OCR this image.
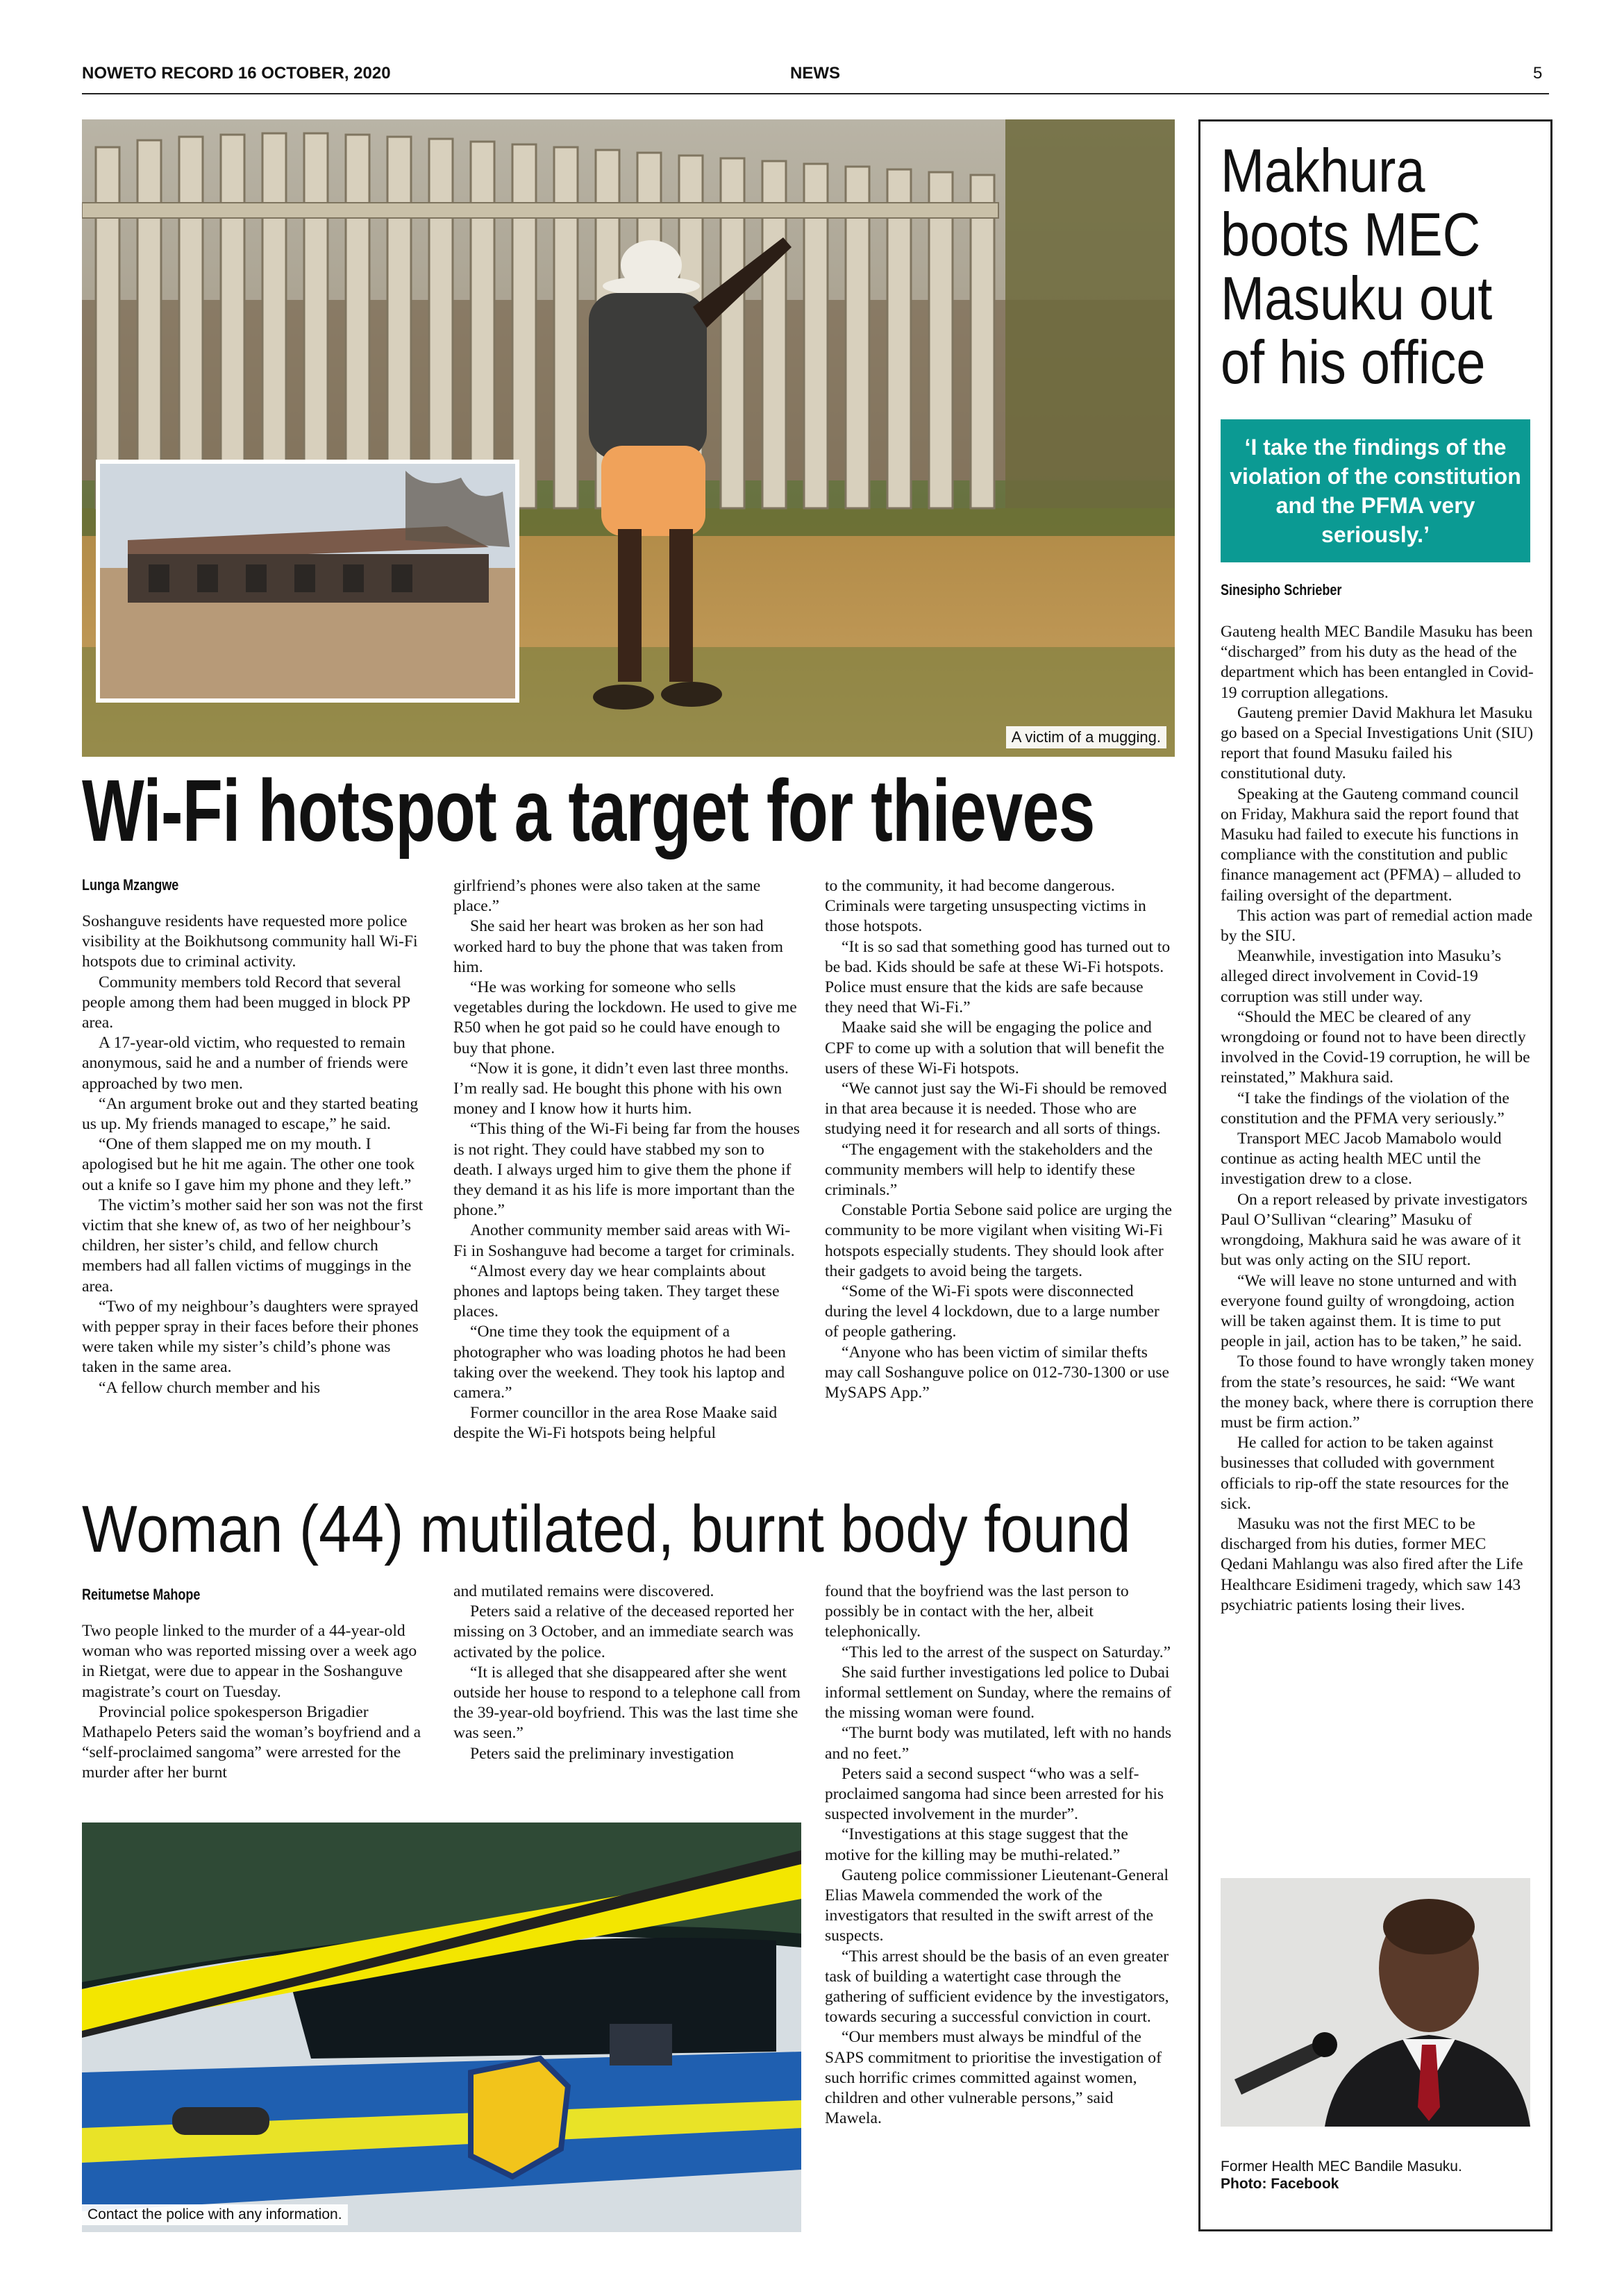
NOWETO RECORD 16 OCTOBER, 2020	NEWS	5
A victim of a mugging.
Wi-Fi hotspot a target for thieves
Lunga Mzangwe

Soshanguve residents have requested more police visibility at the Boikhutsong community hall Wi-Fi hotspots due to criminal activity.

Community members told Record that several people among them had been mugged in block PP area.

A 17-year-old victim, who requested to remain anonymous, said he and a number of friends were approached by two men.

“An argument broke out and they started beating us up. My friends managed to escape,” he said.

“One of them slapped me on my mouth. I apologised but he hit me again. The other one took out a knife so I gave him my phone and they left.”

The victim’s mother said her son was not the first victim that she knew of, as two of her neighbour’s children, her sister’s child, and fellow church members had all fallen victims of muggings in the area.

“Two of my neighbour’s daughters were sprayed with pepper spray in their faces before their phones were taken while my sister’s child’s phone was taken in the same area.

“A fellow church member and his

girlfriend’s phones were also taken at the same place.”

She said her heart was broken as her son had worked hard to buy the phone that was taken from him.

“He was working for someone who sells vegetables during the lockdown. He used to give me R50 when he got paid so he could have enough to buy that phone.

“Now it is gone, it didn’t even last three months. I’m really sad. He bought this phone with his own money and I know how it hurts him.

“This thing of the Wi-Fi being far from the houses is not right. They could have stabbed my son to death. I always urged him to give them the phone if they demand it as his life is more important than the phone.”

Another community member said areas with Wi-Fi in Soshanguve had become a target for criminals.

“Almost every day we hear complaints about phones and laptops being taken. They target these places.

“One time they took the equipment of a photographer who was loading photos he had been taking over the weekend. They took his laptop and camera.”

Former councillor in the area Rose Maake said despite the Wi-Fi hotspots being helpful

to the community, it had become dangerous. Criminals were targeting unsuspecting victims in those hotspots.

“It is so sad that something good has turned out to be bad. Kids should be safe at these Wi-Fi hotspots. Police must ensure that the kids are safe because they need that Wi-Fi.”

Maake said she will be engaging the police and CPF to come up with a solution that will benefit the users of these Wi-Fi hotspots.

“We cannot just say the Wi-Fi should be removed in that area because it is needed. Those who are studying need it for research and all sorts of things.

“The engagement with the stakeholders and the community members will help to identify these criminals.”

Constable Portia Sebone said police are urging the community to be more vigilant when visiting Wi-Fi hotspots especially students. They should look after their gadgets to avoid being the targets.

“Some of the Wi-Fi spots were disconnected during the level 4 lockdown, due to a large number of people gathering.

“Anyone who has been victim of similar thefts may call Soshanguve police on 012-730-1300 or use MySAPS App.”

Woman (44) mutilated, burnt body found
Reitumetse Mahope

Two people linked to the murder of a 44-year-old woman who was reported missing over a week ago in Rietgat, were due to appear in the Soshanguve magistrate’s court on Tuesday.

Provincial police spokesperson Brigadier Mathapelo Peters said the woman’s boyfriend and a “self-proclaimed sangoma” were arrested for the murder after her burnt

and mutilated remains were discovered.

Peters said a relative of the deceased reported her missing on 3 October, and an immediate search was activated by the police.

“It is alleged that she disappeared after she went outside her house to respond to a telephone call from the 39-year-old boyfriend. This was the last time she was seen.”

Peters said the preliminary investigation

found that the boyfriend was the last person to possibly be in contact with the her, albeit telephonically.

“This led to the arrest of the suspect on Saturday.”

She said further investigations led police to Dubai informal settlement on Sunday, where the remains of the missing woman were found.

“The burnt body was mutilated, left with no hands and no feet.”

Peters said a second suspect “who was a self-proclaimed sangoma had since been arrested for his suspected involvement in the murder”.

“Investigations at this stage suggest that the motive for the killing may be muthi-related.”

Gauteng police commissioner Lieutenant-General Elias Mawela commended the work of the investigators that resulted in the swift arrest of the suspects.

“This arrest should be the basis of an even greater task of building a watertight case through the gathering of sufficient evidence by the investigators, towards securing a successful conviction in court.

“Our members must always be mindful of the SAPS commitment to prioritise the investigation of such horrific crimes committed against women, children and other vulnerable persons,” said Mawela.

Contact the police with any information.
Makhura boots MEC Masuku out of his office
‘I take the findings of the violation of the constitution and the PFMA very seriously.’
Sinesipho Schrieber

Gauteng health MEC Bandile Masuku has been “discharged” from his duty as the head of the department which has been entangled in Covid-19 corruption allegations.

Gauteng premier David Makhura let Masuku go based on a Special Investigations Unit (SIU) report that found Masuku failed his constitutional duty.

Speaking at the Gauteng command council on Friday, Makhura said the report found that Masuku had failed to execute his functions in compliance with the constitution and public finance management act (PFMA) – alluded to failing oversight of the department.

This action was part of remedial action made by the SIU.

Meanwhile, investigation into Masuku’s alleged direct involvement in Covid-19 corruption was still under way.

“Should the MEC be cleared of any wrongdoing or found not to have been directly involved in the Covid-19 corruption, he will be reinstated,” Makhura said.

“I take the findings of the violation of the constitution and the PFMA very seriously.”

Transport MEC Jacob Mamabolo would continue as acting health MEC until the investigation drew to a close.

On a report released by private investigators Paul O’Sullivan “clearing” Masuku of wrongdoing, Makhura said he was aware of it but was only acting on the SIU report.

“We will leave no stone unturned and with everyone found guilty of wrongdoing, action will be taken against them. It is time to put people in jail, action has to be taken,” he said.

To those found to have wrongly taken money from the state’s resources, he said: “We want the money back, where there is corruption there must be firm action.”

He called for action to be taken against businesses that colluded with government officials to rip-off the state resources for the sick.

Masuku was not the first MEC to be discharged from his duties, former MEC Qedani Mahlangu was also fired after the Life Healthcare Esidimeni tragedy, which saw 143 psychiatric patients losing their lives.

Former Health MEC Bandile Masuku.
Photo: Facebook
